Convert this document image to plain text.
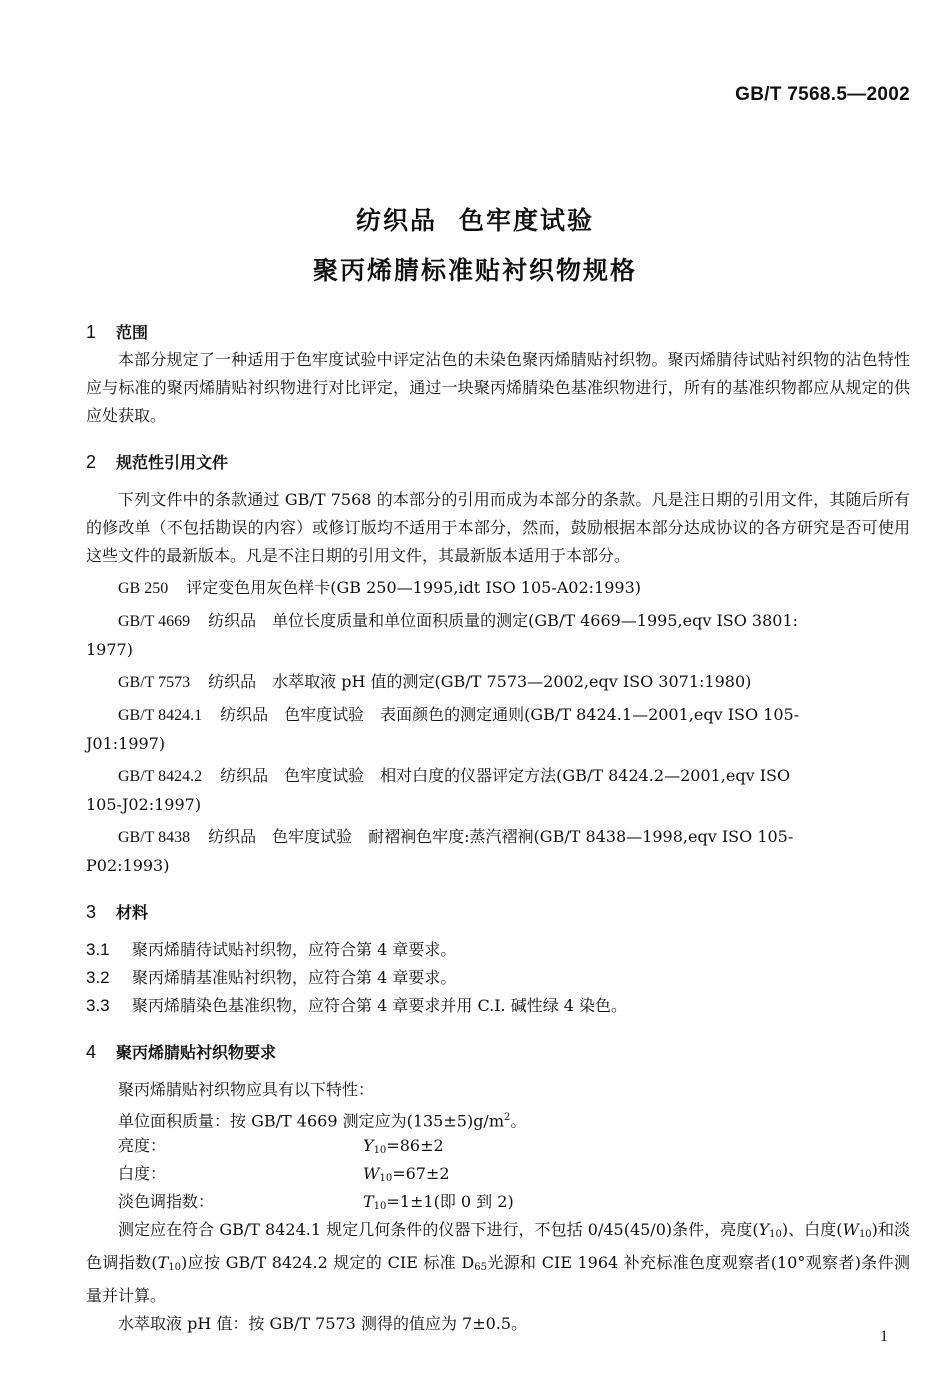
GB/T 7568.5—2002
纺织品 色牢度试验
聚丙烯腈标准贴衬织物规格
1 范围

本部分规定了一种适用于色牢度试验中评定沾色的未染色聚丙烯腈贴衬织物。聚丙烯腈待试贴衬织物的沾色特性应与标准的聚丙烯腈贴衬织物进行对比评定，通过一块聚丙烯腈染色基准织物进行，所有的基准织物都应从规定的供应处获取。

2 规范性引用文件

下列文件中的条款通过 GB/T 7568 的本部分的引用而成为本部分的条款。凡是注日期的引用文件，其随后所有的修改单（不包括勘误的内容）或修订版均不适用于本部分，然而，鼓励根据本部分达成协议的各方研究是否可使用这些文件的最新版本。凡是不注日期的引用文件，其最新版本适用于本部分。

GB 250 评定变色用灰色样卡(GB 250—1995,idt ISO 105-A02:1993)

GB/T 4669 纺织品　单位长度质量和单位面积质量的测定(GB/T 4669—1995,eqv ISO 3801:
1977)

GB/T 7573 纺织品　水萃取液 pH 值的测定(GB/T 7573—2002,eqv ISO 3071:1980)

GB/T 8424.1 纺织品　色牢度试验　表面颜色的测定通则(GB/T 8424.1—2001,eqv ISO 105-
J01:1997)

GB/T 8424.2 纺织品　色牢度试验　相对白度的仪器评定方法(GB/T 8424.2—2001,eqv ISO
105-J02:1997)

GB/T 8438 纺织品　色牢度试验　耐褶裥色牢度:蒸汽褶裥(GB/T 8438—1998,eqv ISO 105-
P02:1993)

3 材料

3.1 聚丙烯腈待试贴衬织物，应符合第 4 章要求。

3.2 聚丙烯腈基准贴衬织物，应符合第 4 章要求。

3.3 聚丙烯腈染色基准织物，应符合第 4 章要求并用 C.I. 碱性绿 4 染色。

4 聚丙烯腈贴衬织物要求

聚丙烯腈贴衬织物应具有以下特性：

单位面积质量：按 GB/T 4669 测定应为$(135\pm 5)g/m^2$。

亮度：	$Y_{10}=86\pm 2$

白度：	$W_{10}=67\pm 2$

淡色调指数：	$T_{10}=1\pm 1$(即 0 到 2)

测定应在符合 GB/T 8424.1 规定几何条件的仪器下进行，不包括 0/45(45/0)条件，亮度$(Y_{10})$、白度$(W_{10})$和淡色调指数$(T_{10})$应按 GB/T 8424.2 规定的 CIE 标准 $D_{65}$光源和 CIE 1964 补充标准色度观察者(10°观察者)条件测量并计算。

水萃取液 pH 值：按 GB/T 7573 测得的值应为 7±0.5。

1
